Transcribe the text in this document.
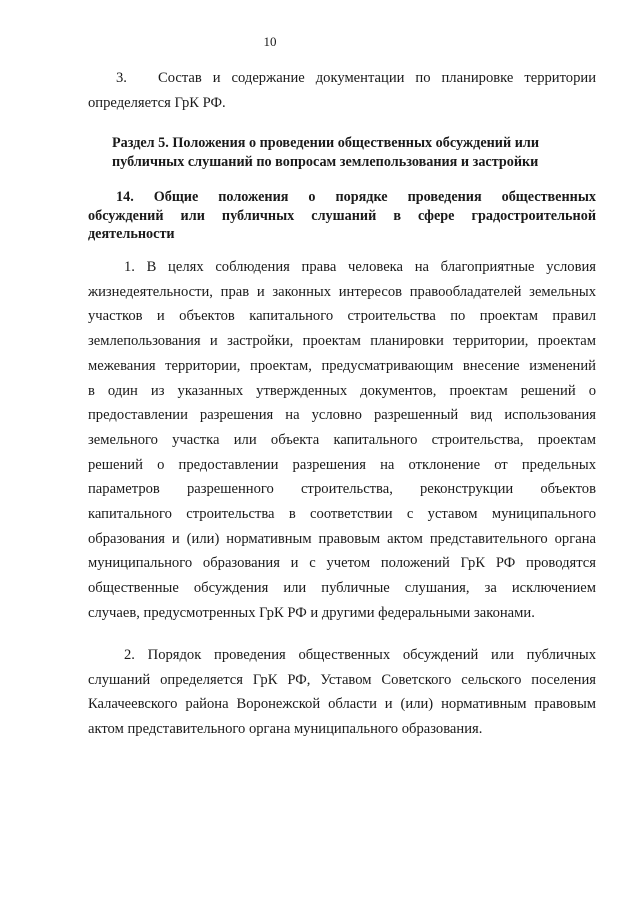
10
3. Состав и содержание документации по планировке территории
определяется ГрК РФ.
Раздел 5. Положения о проведении общественных обсуждений или
публичных слушаний по вопросам землепользования и застройки
14. Общие положения о порядке проведения общественных
обсуждений или публичных слушаний в сфере градостроительной
деятельности
1. В целях соблюдения права человека на благоприятные условия
жизнедеятельности, прав и законных интересов правообладателей земельных
участков и объектов капитального строительства по проектам правил
землепользования и застройки, проектам планировки территории, проектам
межевания территории, проектам, предусматривающим внесение изменений
в один из указанных утвержденных документов, проектам решений о
предоставлении разрешения на условно разрешенный вид использования
земельного участка или объекта капитального строительства, проектам
решений о предоставлении разрешения на отклонение от предельных
параметров разрешенного строительства, реконструкции объектов
капитального строительства в соответствии с уставом муниципального
образования и (или) нормативным правовым актом представительного органа
муниципального образования и с учетом положений ГрК РФ проводятся
общественные обсуждения или публичные слушания, за исключением
случаев, предусмотренных ГрК РФ и другими федеральными законами.
2. Порядок проведения общественных обсуждений или публичных
слушаний определяется ГрК РФ, Уставом Советского сельского поселения
Калачеевского района Воронежской области и (или) нормативным правовым
актом представительного органа муниципального образования.
